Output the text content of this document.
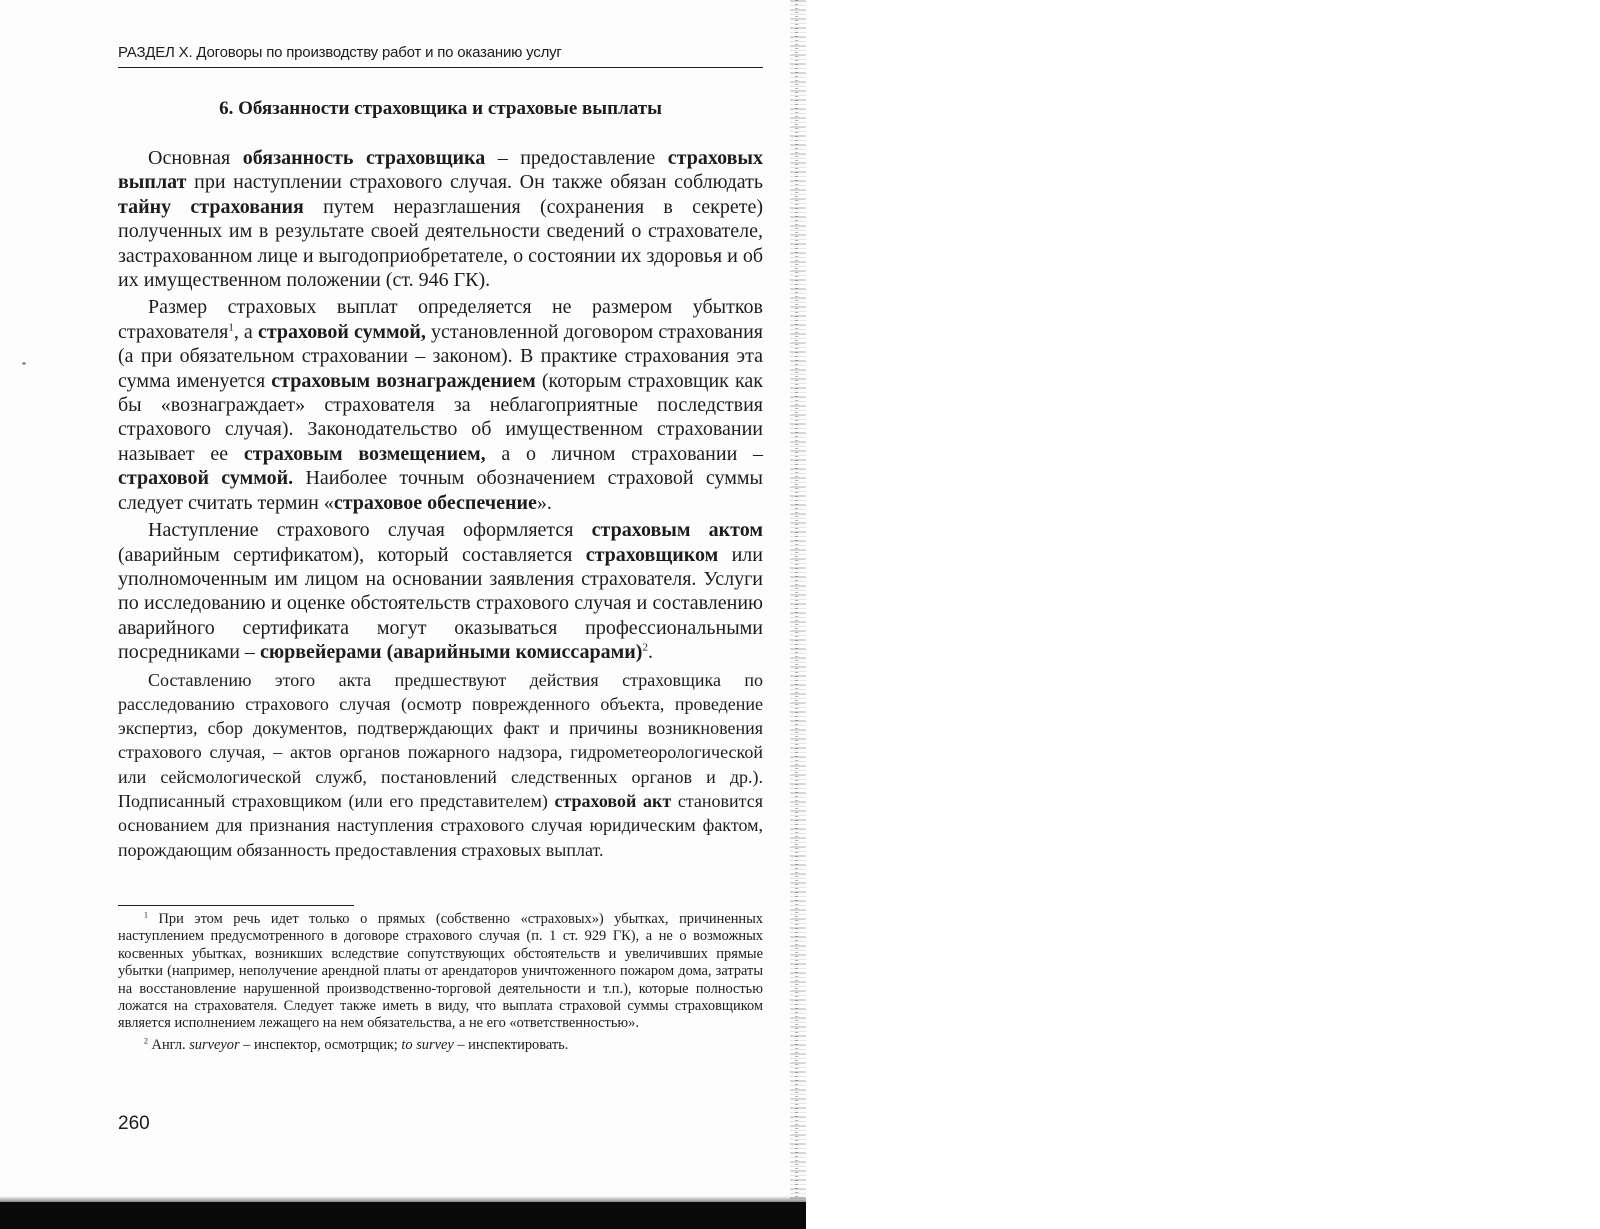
РАЗДЕЛ X. Договоры по производству работ и по оказанию услуг
6. Обязанности страховщика и страховые выплаты

Основная обязанность страховщика – предоставление страховых выплат при наступлении страхового случая. Он также обязан соблюдать тайну страхования путем неразглашения (сохранения в секрете) полученных им в результате своей деятельности сведений о страхователе, застрахованном лице и выгодоприобретателе, о состоянии их здоровья и об их имущественном положении (ст. 946 ГК).

Размер страховых выплат определяется не размером убытков страхователя$^1$, а страховой суммой, установленной договором страхования (а при обязательном страховании – законом). В практике страхования эта сумма именуется страховым вознаграждением (которым страховщик как бы «вознаграждает» страхователя за неблагоприятные последствия страхового случая). Законодательство об имущественном страховании называет ее страховым возмещением, а о личном страховании – страховой суммой. Наиболее точным обозначением страховой суммы следует считать термин «страховое обеспечение».

Наступление страхового случая оформляется страховым актом (аварийным сертификатом), который составляется страховщиком или уполномоченным им лицом на основании заявления страхователя. Услуги по исследованию и оценке обстоятельств страхового случая и составлению аварийного сертификата могут оказываться профессиональными посредниками – сюрвейерами (аварийными комиссарами)$^2$.

Составлению этого акта предшествуют действия страховщика по расследованию страхового случая (осмотр поврежденного объекта, проведение экспертиз, сбор документов, подтверждающих факт и причины возникновения страхового случая, – актов органов пожарного надзора, гидрометеорологической или сейсмологической служб, постановлений следственных органов и др.). Подписанный страховщиком (или его представителем) страховой акт становится основанием для признания наступления страхового случая юридическим фактом, порождающим обязанность предоставления страховых выплат.

$^1$ При этом речь идет только о прямых (собственно «страховых») убытках, причиненных наступлением предусмотренного в договоре страхового случая (п. 1 ст. 929 ГК), а не о возможных косвенных убытках, возникших вследствие сопутствующих обстоятельств и увеличивших прямые убытки (например, неполучение арендной платы от арендаторов уничтоженного пожаром дома, затраты на восстановление нарушенной производственно-торговой деятельности и т.п.), которые полностью ложатся на страхователя. Следует также иметь в виду, что выплата страховой суммы страховщиком является исполнением лежащего на нем обязательства, а не его «ответственностью».

$^2$ Англ. surveyor – инспектор, осмотрщик; to survey – инспектировать.

260
